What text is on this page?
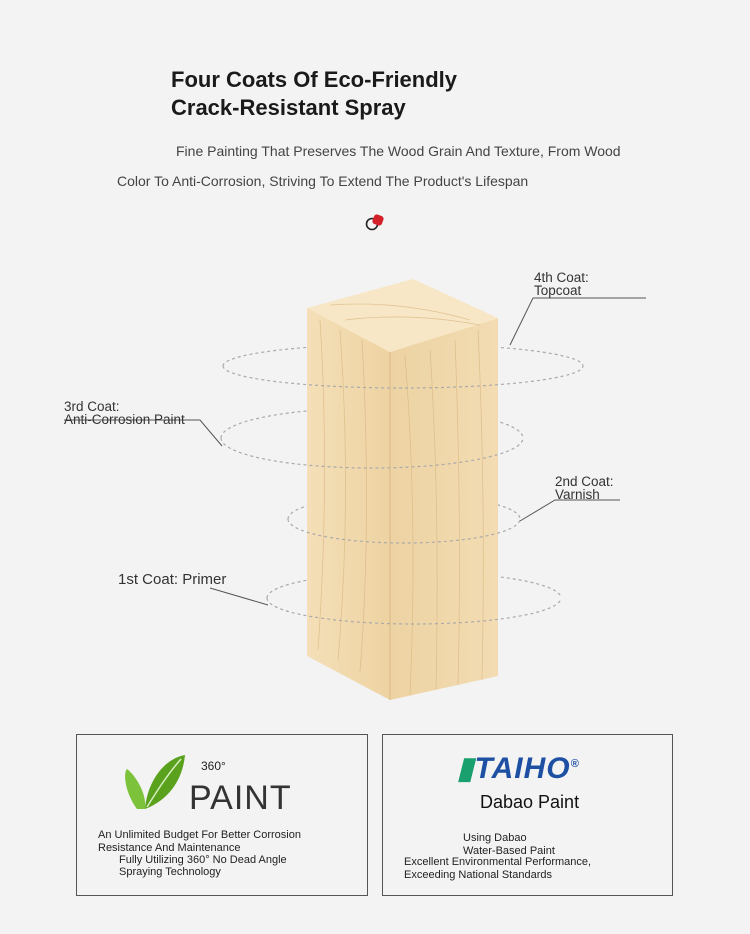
Four Coats Of Eco-Friendly
Crack-Resistant Spray
Fine Painting That Preserves The Wood Grain And Texture, From Wood
Color To Anti-Corrosion, Striving To Extend The Product's Lifespan
4th Coat:
Topcoat
3rd Coat:
Anti-Corrosion Paint
2nd Coat:
Varnish
1st Coat: Primer
360°
PAINT
An Unlimited Budget For Better Corrosion
Resistance And Maintenance
Fully Utilizing 360° No Dead Angle
Spraying Technology
▮TAIHO®
Dabao Paint
Using Dabao
Water-Based Paint
Excellent Environmental Performance,
Exceeding National Standards
